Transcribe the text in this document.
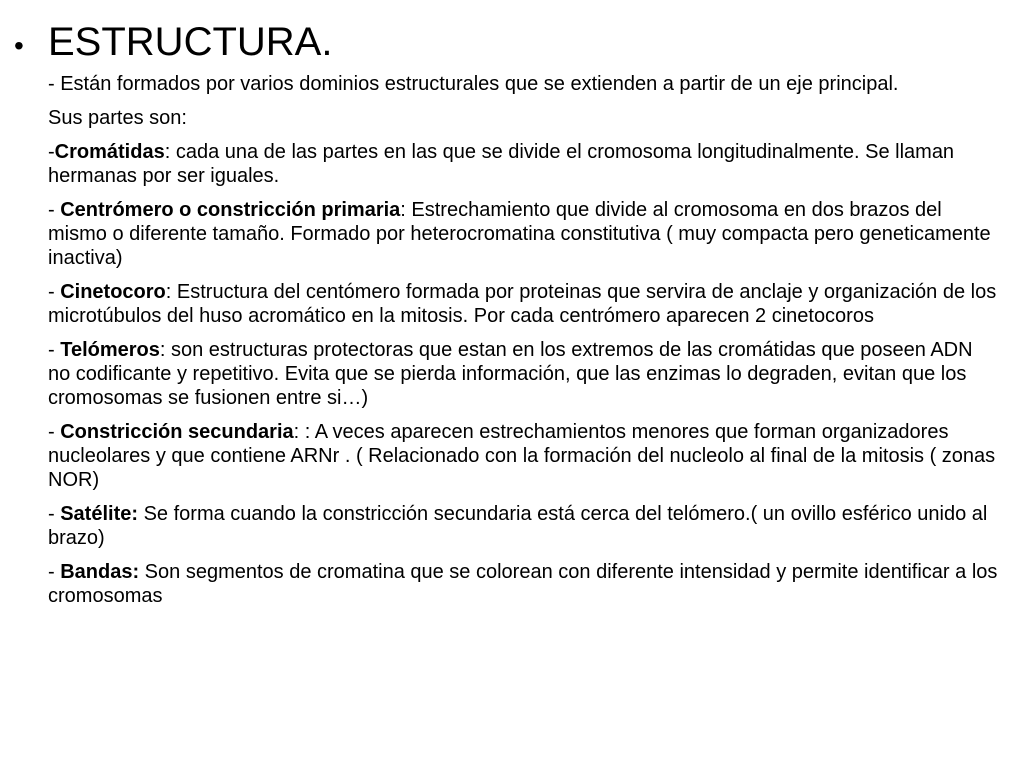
• ESTRUCTURA.

- Están formados por varios dominios estructurales que se extienden a partir de un eje principal.

Sus partes son:

-Cromátidas: cada una de las partes en las que se divide el cromosoma longitudinalmente. Se llaman hermanas por ser iguales.

- Centrómero o constricción primaria: Estrechamiento que divide al cromosoma en dos brazos del mismo o diferente tamaño. Formado por heterocromatina constitutiva ( muy compacta pero geneticamente inactiva)

- Cinetocoro: Estructura del centómero formada por proteinas que servira de anclaje y organización de los microtúbulos del huso acromático en la mitosis. Por cada centrómero aparecen 2 cinetocoros

- Telómeros: son estructuras protectoras que estan en los extremos de las cromátidas que poseen ADN no codificante y repetitivo. Evita que se pierda información, que las enzimas lo degraden, evitan que los cromosomas se fusionen entre si…)

- Constricción secundaria: : A veces aparecen estrechamientos menores que forman organizadores nucleolares y que contiene ARNr . ( Relacionado con la formación del nucleolo al final de la mitosis ( zonas NOR)

- Satélite: Se forma cuando la constricción secundaria está cerca del telómero.( un ovillo esférico unido al brazo)

- Bandas: Son segmentos de cromatina que se colorean con diferente intensidad y permite identificar a los cromosomas
